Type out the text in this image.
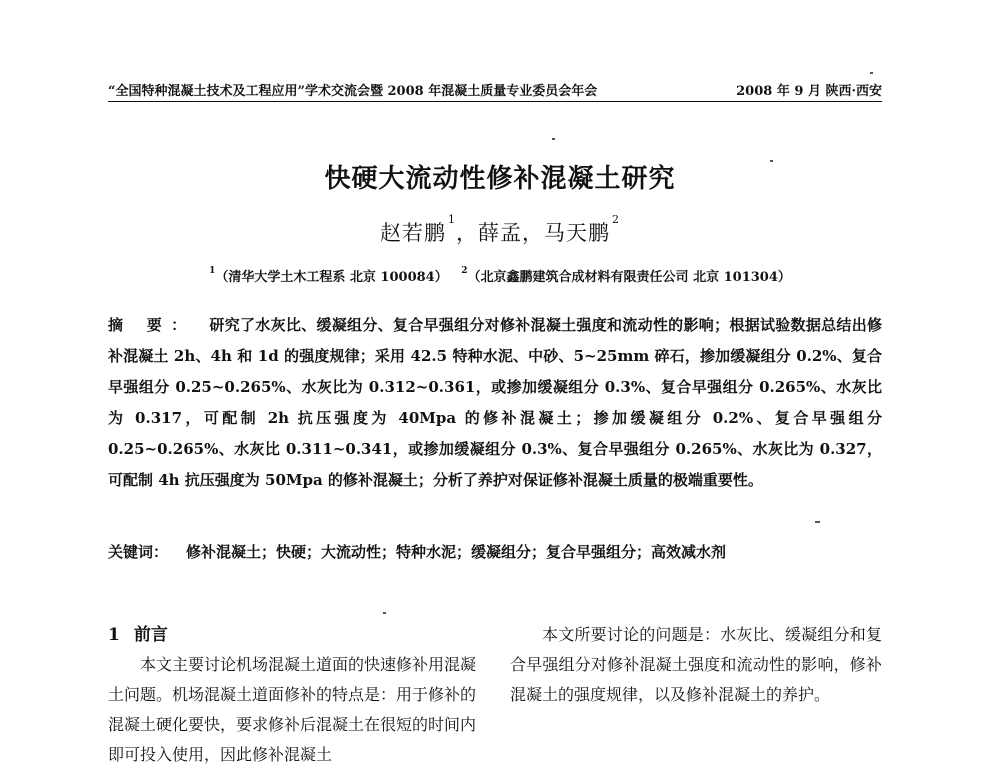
“全国特种混凝土技术及工程应用”学术交流会暨 2008 年混凝土质量专业委员会年会	2008 年 9 月 陕西·西安
快硬大流动性修补混凝土研究
赵若鹏$^1$，薛孟，马天鹏$^2$
$^1$（清华大学土木工程系 北京 100084） $^2$（北京鑫鹏建筑合成材料有限责任公司 北京 101304）
摘 要： 研究了水灰比、缓凝组分、复合早强组分对修补混凝土强度和流动性的影响；根据试验数据总结出修补混凝土 2h、4h 和 1d 的强度规律；采用 42.5 特种水泥、中砂、5~25mm 碎石，掺加缓凝组分 0.2%、复合早强组分 0.25~0.265%、水灰比为 0.312~0.361，或掺加缓凝组分 0.3%、复合早强组分 0.265%、水灰比为 0.317，可配制 2h 抗压强度为 40Mpa 的修补混凝土；掺加缓凝组分 0.2%、复合早强组分 0.25~0.265%、水灰比 0.311~0.341，或掺加缓凝组分 0.3%、复合早强组分 0.265%、水灰比为 0.327，可配制 4h 抗压强度为 50Mpa 的修补混凝土；分析了养护对保证修补混凝土质量的极端重要性。
关键词： 修补混凝土；快硬；大流动性；特种水泥；缓凝组分；复合早强组分；高效减水剂
1 前言
本文主要讨论机场混凝土道面的快速修补用混凝土问题。机场混凝土道面修补的特点是：用于修补的混凝土硬化要快，要求修补后混凝土在很短的时间内即可投入使用，因此修补混凝土
本文所要讨论的问题是：水灰比、缓凝组分和复合早强组分对修补混凝土强度和流动性的影响，修补混凝土的强度规律，以及修补混凝土的养护。
